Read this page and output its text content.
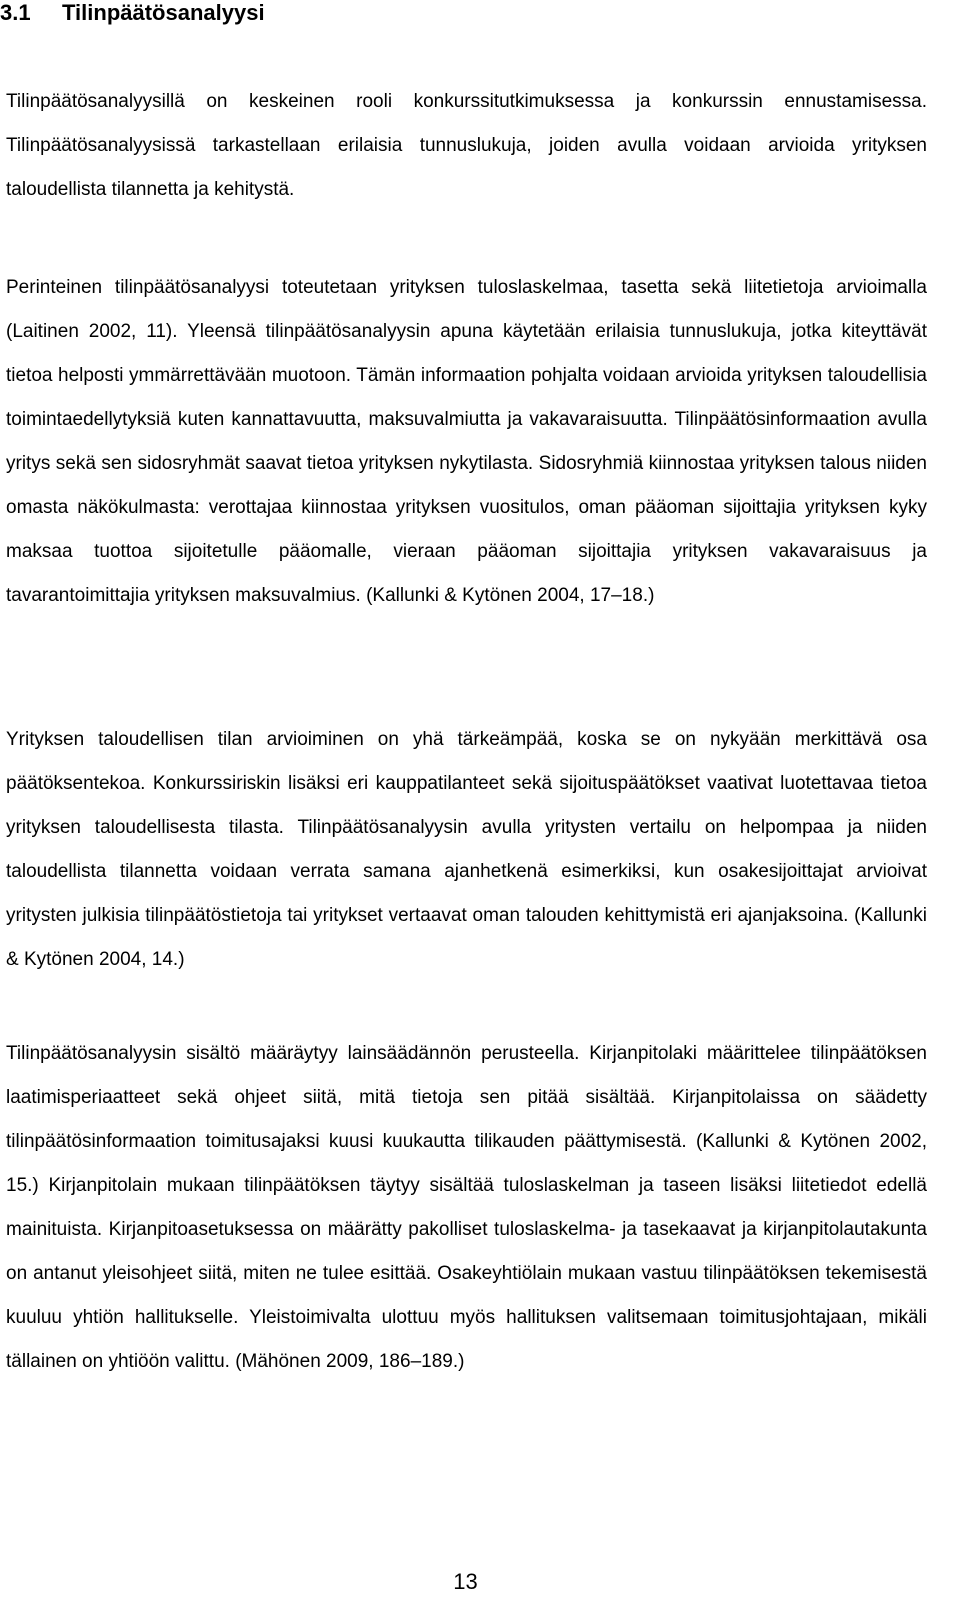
3.1 Tilinpäätösanalyysi

Tilinpäätösanalyysillä on keskeinen rooli konkurssitutkimuksessa ja konkurssin ennustamisessa. Tilinpäätösanalyysissä tarkastellaan erilaisia tunnuslukuja, joiden avulla voidaan arvioida yrityksen taloudellista tilannetta ja kehitystä.

Perinteinen tilinpäätösanalyysi toteutetaan yrityksen tuloslaskelmaa, tasetta sekä liitetietoja arvioimalla (Laitinen 2002, 11). Yleensä tilinpäätösanalyysin apuna käytetään erilaisia tunnuslukuja, jotka kiteyttävät tietoa helposti ymmärrettävään muotoon. Tämän informaation pohjalta voidaan arvioida yrityksen taloudellisia toimintaedellytyksiä kuten kannattavuutta, maksuvalmiutta ja vakavaraisuutta. Tilinpäätösinformaation avulla yritys sekä sen sidosryhmät saavat tietoa yrityksen nykytilasta. Sidosryhmiä kiinnostaa yrityksen talous niiden omasta näkökulmasta: verottajaa kiinnostaa yrityksen vuositulos, oman pääoman sijoittajia yrityksen kyky maksaa tuottoa sijoitetulle pääomalle, vieraan pääoman sijoittajia yrityksen vakavaraisuus ja tavarantoimittajia yrityksen maksuvalmius. (Kallunki & Kytönen 2004, 17–18.)

Yrityksen taloudellisen tilan arvioiminen on yhä tärkeämpää, koska se on nykyään merkittävä osa päätöksentekoa. Konkurssiriskin lisäksi eri kauppatilanteet sekä sijoituspäätökset vaativat luotettavaa tietoa yrityksen taloudellisesta tilasta. Tilinpäätösanalyysin avulla yritysten vertailu on helpompaa ja niiden taloudellista tilannetta voidaan verrata samana ajanhetkenä esimerkiksi, kun osakesijoittajat arvioivat yritysten julkisia tilinpäätöstietoja tai yritykset vertaavat oman talouden kehittymistä eri ajanjaksoina. (Kallunki & Kytönen 2004, 14.)

Tilinpäätösanalyysin sisältö määräytyy lainsäädännön perusteella. Kirjanpitolaki määrittelee tilinpäätöksen laatimisperiaatteet sekä ohjeet siitä, mitä tietoja sen pitää sisältää. Kirjanpitolaissa on säädetty tilinpäätösinformaation toimitusajaksi kuusi kuukautta tilikauden päättymisestä. (Kallunki & Kytönen 2002, 15.) Kirjanpitolain mukaan tilinpäätöksen täytyy sisältää tuloslaskelman ja taseen lisäksi liitetiedot edellä mainituista. Kirjanpitoasetuksessa on määrätty pakolliset tuloslaskelma- ja tasekaavat ja kirjanpitolautakunta on antanut yleisohjeet siitä, miten ne tulee esittää. Osakeyhtiölain mukaan vastuu tilinpäätöksen tekemisestä kuuluu yhtiön hallitukselle. Yleistoimivalta ulottuu myös hallituksen valitsemaan toimitusjohtajaan, mikäli tällainen on yhtiöön valittu. (Mähönen 2009, 186–189.)

13
